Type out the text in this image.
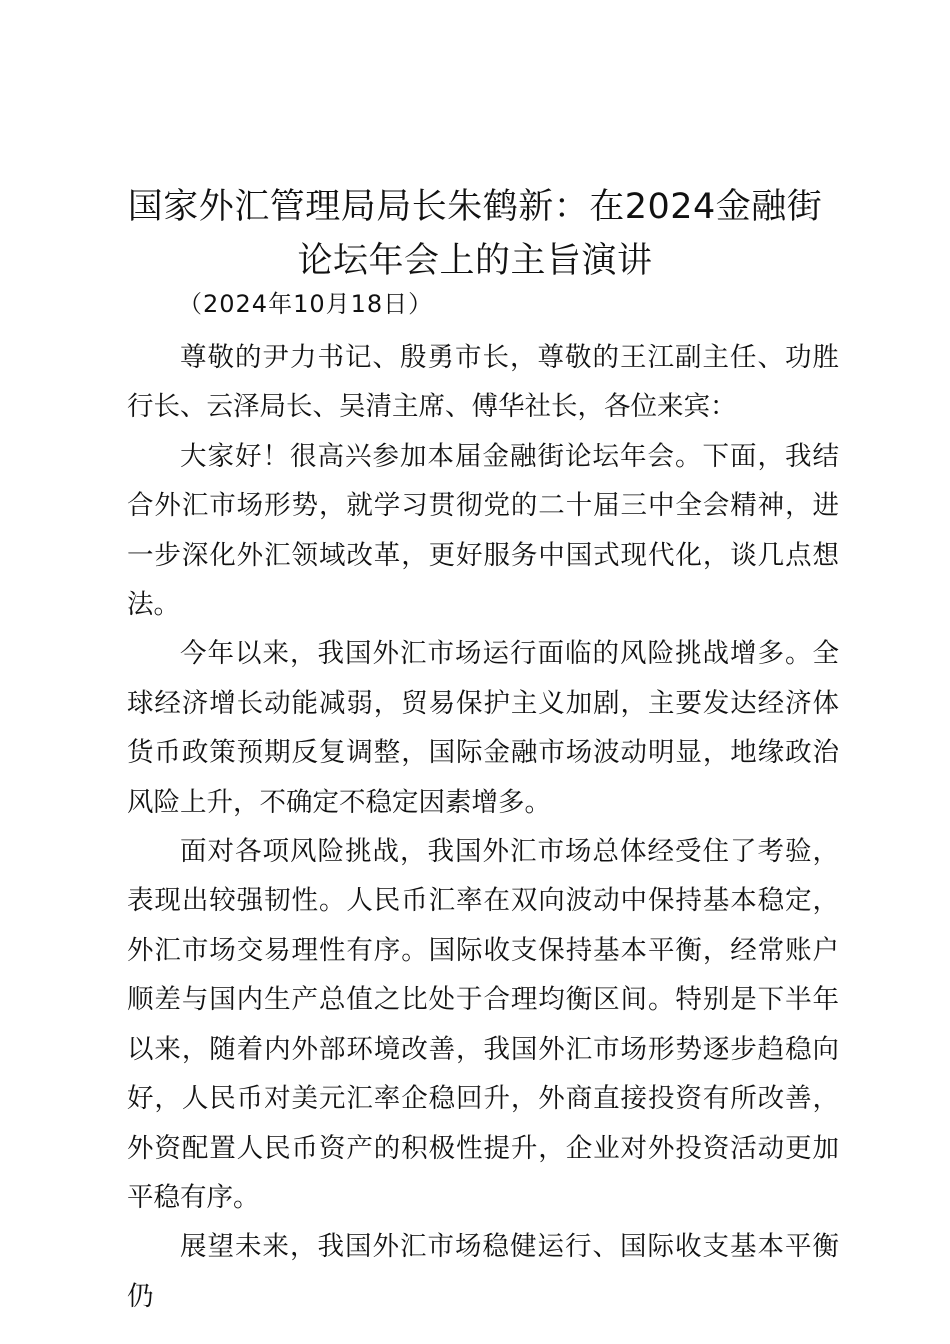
国家外汇管理局局长朱鹤新：在2024金融街论坛年会上的主旨演讲
（2024年10月18日）

尊敬的尹力书记、殷勇市长，尊敬的王江副主任、功胜行长、云泽局长、吴清主席、傅华社长，各位来宾：

大家好！很高兴参加本届金融街论坛年会。下面，我结合外汇市场形势，就学习贯彻党的二十届三中全会精神，进一步深化外汇领域改革，更好服务中国式现代化，谈几点想法。

今年以来，我国外汇市场运行面临的风险挑战增多。全球经济增长动能减弱，贸易保护主义加剧，主要发达经济体货币政策预期反复调整，国际金融市场波动明显，地缘政治风险上升，不确定不稳定因素增多。

面对各项风险挑战，我国外汇市场总体经受住了考验，表现出较强韧性。人民币汇率在双向波动中保持基本稳定，外汇市场交易理性有序。国际收支保持基本平衡，经常账户顺差与国内生产总值之比处于合理均衡区间。特别是下半年以来，随着内外部环境改善，我国外汇市场形势逐步趋稳向好，人民币对美元汇率企稳回升，外商直接投资有所改善，外资配置人民币资产的积极性提升，企业对外投资活动更加平稳有序。

展望未来，我国外汇市场稳健运行、国际收支基本平衡仍
